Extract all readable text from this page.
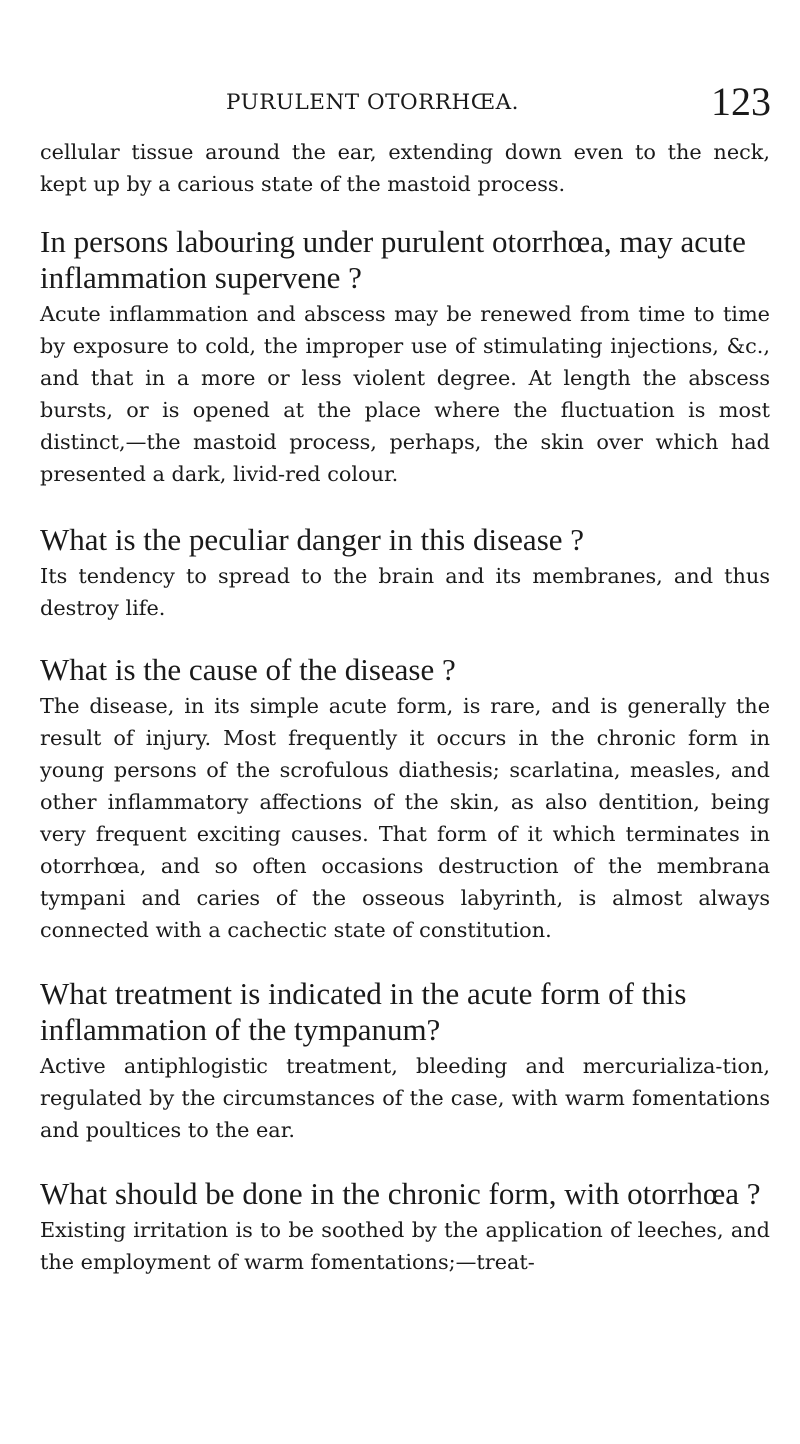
PURULENT OTORRHŒA.	123

cellular tissue around the ear, extending down even to the neck, kept up by a carious state of the mastoid process.

In persons labouring under purulent otorrhœa, may acute inflammation supervene ?

Acute inflammation and abscess may be renewed from time to time by exposure to cold, the improper use of stimulating injections, &c., and that in a more or less violent degree. At length the abscess bursts, or is opened at the place where the fluctuation is most distinct,—the mastoid process, perhaps, the skin over which had presented a dark, livid-red colour.

What is the peculiar danger in this disease ?

Its tendency to spread to the brain and its membranes, and thus destroy life.

What is the cause of the disease ?

The disease, in its simple acute form, is rare, and is generally the result of injury. Most frequently it occurs in the chronic form in young persons of the scrofulous diathesis; scarlatina, measles, and other inflammatory affections of the skin, as also dentition, being very frequent exciting causes. That form of it which terminates in otorrhœa, and so often occasions destruction of the membrana tympani and caries of the osseous labyrinth, is almost always connected with a cachectic state of constitution.

What treatment is indicated in the acute form of this inflammation of the tympanum?

Active antiphlogistic treatment, bleeding and mercurializa-tion, regulated by the circumstances of the case, with warm fomentations and poultices to the ear.

What should be done in the chronic form, with otorrhœa ?

Existing irritation is to be soothed by the application of leeches, and the employment of warm fomentations;—treat-
